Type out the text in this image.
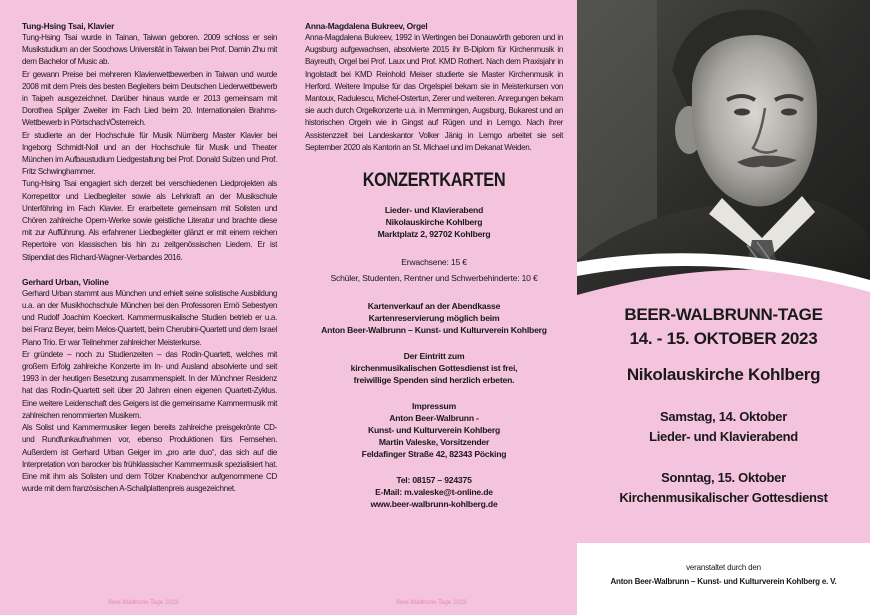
Tung-Hsing Tsai, Klavier

Tung-Hsing Tsai wurde in Tainan, Taiwan geboren. 2009 schloss er sein Musikstudium an der Soochows Universität in Taiwan bei Prof. Damin Zhu mit dem Bachelor of Music ab.

Er gewann Preise bei mehreren Klavierwettbewerben in Taiwan und wurde 2008 mit dem Preis des besten Begleiters beim Deutschen Liederwettbewerb in Taipeh ausgezeichnet. Darüber hinaus wurde er 2013 gemeinsam mit Dorothea Spilger Zweiter im Fach Lied beim 20. Internationalen Brahms-Wettbewerb in Pörtschach/Österreich.

Er studierte an der Hochschule für Musik Nürnberg Master Klavier bei Ingeborg Schmidt-Noll und an der Hochschule für Musik und Theater München im Aufbaustudium Liedgestaltung bei Prof. Donald Sulzen und Prof. Fritz Schwinghammer.

Tung-Hsing Tsai engagiert sich derzeit bei verschiedenen Liedprojekten als Korrepetitor und Liedbegleiter sowie als Lehrkraft an der Musikschule Unterföhring im Fach Klavier. Er erarbeitete gemeinsam mit Solisten und Chören zahlreiche Opern-Werke sowie geistliche Literatur und brachte diese mit zur Aufführung. Als erfahrener Liedbegleiter glänzt er mit einem reichen Repertoire von klassischen bis hin zu zeitgenössischen Liedern. Er ist Stipendiat des Richard-Wagner-Verbandes 2016.

Gerhard Urban, Violine

Gerhard Urban stammt aus München und erhielt seine solistische Ausbildung u.a. an der Musikhochschule München bei den Professoren Ernö Sebestyen und Rudolf Joachim Koeckert. Kammermusikalische Studien betrieb er u.a. bei Franz Beyer, beim Melos-Quartett, beim Cherubini-Quartett und dem Israel Piano Trio. Er war Teilnehmer zahlreicher Meisterkurse.

Er gründete – noch zu Studienzeiten – das Rodin-Quartett, welches mit großem Erfolg zahlreiche Konzerte im In- und Ausland absolvierte und seit 1993 in der heutigen Besetzung zusammenspielt. In der Münchner Residenz hat das Rodin-Quartett seit über 20 Jahren einen eigenen Quartett-Zyklus. Eine weitere Leidenschaft des Geigers ist die gemeinsame Kammermusik mit zahlreichen renommierten Musikern.

Als Solist und Kammermusiker liegen bereits zahlreiche preisgekrönte CD- und Rundfunkaufnahmen vor, ebenso Produktionen fürs Fernsehen. Außerdem ist Gerhard Urban Geiger im „pro arte duo“, das sich auf die Interpretation von barocker bis frühklassischer Kammermusik spezialisiert hat. Eine mit ihm als Solisten und dem Tölzer Knabenchor aufgenommene CD wurde mit dem französischen A-Schallplattenpreis ausgezeichnet.

Beer-Walbrunn-Tage 2023

Anna-Magdalena Bukreev, Orgel

Anna-Magdalena Bukreev, 1992 in Wertingen bei Donauwörth geboren und in Augsburg aufgewachsen, absolvierte 2015 ihr B-Diplom für Kirchenmusik in Bayreuth, Orgel bei Prof. Laux und Prof. KMD Rothert. Nach dem Praxisjahr in Ingolstadt bei KMD Reinhold Meiser studierte sie Master Kirchenmusik in Herford. Weitere Impulse für das Orgelspiel bekam sie in Meisterkursen von Mantoux, Radulescu, Michel-Ostertun, Zerer und weiteren. Anregungen bekam sie auch durch Orgelkonzerte u.a. in Memmingen, Augsburg, Bukarest und an historischen Orgeln wie in Gingst auf Rügen und in Lemgo. Nach ihrer Assistenzzeit bei Landeskantor Volker Jänig in Lemgo arbeitet sie seit September 2020 als Kantorin an St. Michael und im Dekanat Weiden.

KONZERTKARTEN

Lieder- und Klavierabend

Nikolauskirche Kohlberg

Marktplatz 2, 92702 Kohlberg

Erwachsene: 15 €

Schüler, Studenten, Rentner und Schwerbehinderte: 10 €

Kartenverkauf an der Abendkasse

Kartenreservierung möglich beim

Anton Beer-Walbrunn – Kunst- und Kulturverein Kohlberg

Der Eintritt zum

kirchenmusikalischen Gottesdienst ist frei,

freiwillige Spenden sind herzlich erbeten.

Impressum

Anton Beer-Walbrunn -

Kunst- und Kulturverein Kohlberg

Martin Valeske, Vorsitzender

Feldafinger Straße 42, 82343 Pöcking

Tel: 08157 – 924375

E-Mail: m.valeske@t-online.de

www.beer-walbrunn-kohlberg.de

Beer-Walbrunn-Tage 2023

BEER-WALBRUNN-TAGE

14. - 15. OKTOBER 2023

Nikolauskirche Kohlberg

Samstag, 14. Oktober

Lieder- und Klavierabend

Sonntag, 15. Oktober

Kirchenmusikalischer Gottesdienst

veranstaltet durch den

Anton Beer-Walbrunn – Kunst- und Kulturverein Kohlberg e. V.
